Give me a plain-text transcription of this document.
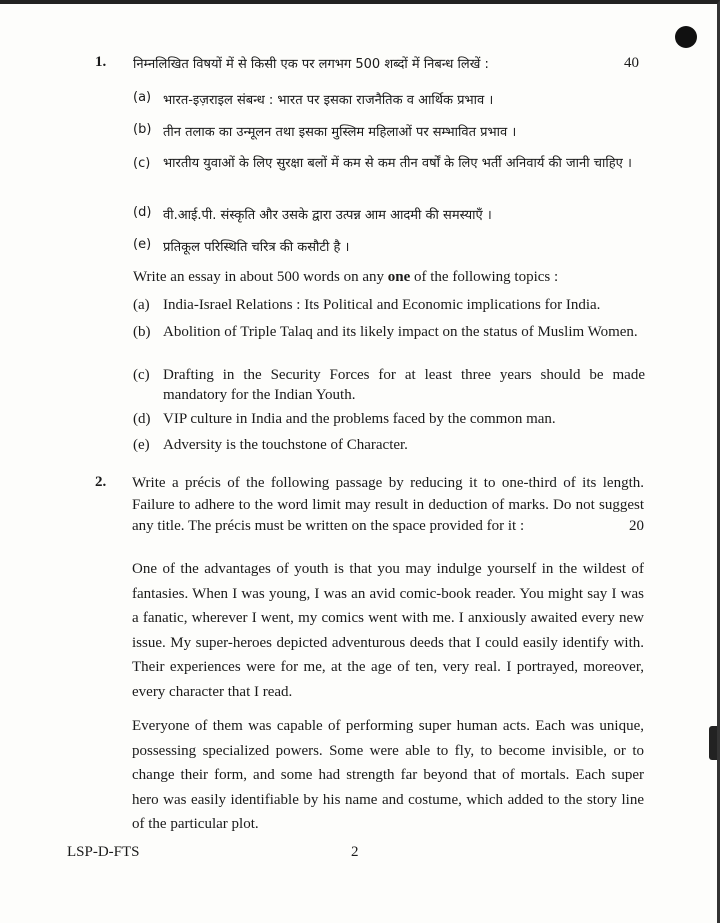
1. निम्नलिखित विषयों में से किसी एक पर लगभग 500 शब्दों में निबन्ध लिखें :	40
(a) भारत-इज़राइल संबन्ध : भारत पर इसका राजनैतिक व आर्थिक प्रभाव ।
(b) तीन तलाक का उन्मूलन तथा इसका मुस्लिम महिलाओं पर सम्भावित प्रभाव ।
(c) भारतीय युवाओं के लिए सुरक्षा बलों में कम से कम तीन वर्षों के लिए भर्ती अनिवार्य की जानी चाहिए ।
(d) वी.आई.पी. संस्कृति और उसके द्वारा उत्पन्न आम आदमी की समस्याएँ ।
(e) प्रतिकूल परिस्थिति चरित्र की कसौटी है ।
Write an essay in about 500 words on any one of the following topics :
(a) India-Israel Relations : Its Political and Economic implications for India.
(b) Abolition of Triple Talaq and its likely impact on the status of Muslim Women.
(c) Drafting in the Security Forces for at least three years should be made mandatory for the Indian Youth.
(d) VIP culture in India and the problems faced by the common man.
(e) Adversity is the touchstone of Character.
2. Write a précis of the following passage by reducing it to one-third of its length. Failure to adhere to the word limit may result in deduction of marks. Do not suggest any title. The précis must be written on the space provided for it :	20
One of the advantages of youth is that you may indulge yourself in the wildest of fantasies. When I was young, I was an avid comic-book reader. You might say I was a fanatic, wherever I went, my comics went with me. I anxiously awaited every new issue. My super-heroes depicted adventurous deeds that I could easily identify with. Their experiences were for me, at the age of ten, very real. I portrayed, moreover, every character that I read.
Everyone of them was capable of performing super human acts. Each was unique, possessing specialized powers. Some were able to fly, to become invisible, or to change their form, and some had strength far beyond that of mortals. Each super hero was easily identifiable by his name and costume, which added to the story line of the particular plot.
LSP-D-FTS	2
